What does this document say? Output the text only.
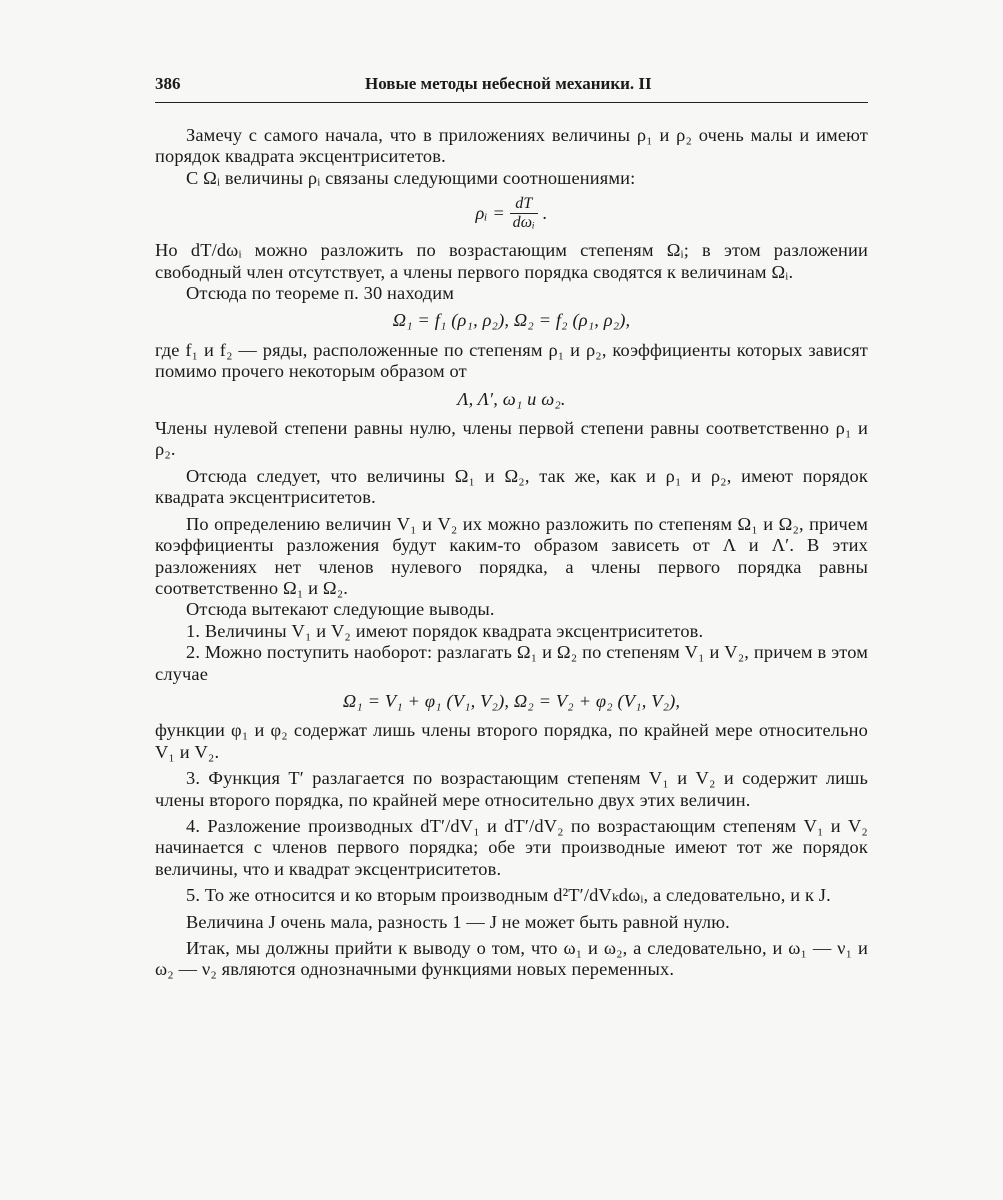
386	Новые методы небесной механики. II

Замечу с самого начала, что в приложениях величины ρ₁ и ρ₂ очень малы и имеют порядок квадрата эксцентриситетов.

С Ωᵢ величины ρᵢ связаны следующими соотношениями:

ρᵢ = $\frac{dT}{\text{dωᵢ}}$ .

Но dT/dωᵢ можно разложить по возрастающим степеням Ωᵢ; в этом разложении свободный член отсутствует, а члены первого порядка сводятся к величинам Ωᵢ.

Отсюда по теореме п. 30 находим

Ω₁ = f₁ (ρ₁, ρ₂), Ω₂ = f₂ (ρ₁, ρ₂),

где f₁ и f₂ — ряды, расположенные по степеням ρ₁ и ρ₂, коэффициенты которых зависят помимо прочего некоторым образом от

Λ, Λ′, ω₁ и ω₂.

Члены нулевой степени равны нулю, члены первой степени равны соответственно ρ₁ и ρ₂.

Отсюда следует, что величины Ω₁ и Ω₂, так же, как и ρ₁ и ρ₂, имеют порядок квадрата эксцентриситетов.

По определению величин V₁ и V₂ их можно разложить по степеням Ω₁ и Ω₂, причем коэффициенты разложения будут каким-то образом зависеть от Λ и Λ′. В этих разложениях нет членов нулевого порядка, а члены первого порядка равны соответственно Ω₁ и Ω₂.

Отсюда вытекают следующие выводы.

1. Величины V₁ и V₂ имеют порядок квадрата эксцентриситетов.

2. Можно поступить наоборот: разлагать Ω₁ и Ω₂ по степеням V₁ и V₂, причем в этом случае

Ω₁ = V₁ + φ₁ (V₁, V₂), Ω₂ = V₂ + φ₂ (V₁, V₂),

функции φ₁ и φ₂ содержат лишь члены второго порядка, по крайней мере относительно V₁ и V₂.

3. Функция T′ разлагается по возрастающим степеням V₁ и V₂ и содержит лишь члены второго порядка, по крайней мере относительно двух этих величин.

4. Разложение производных dT′/dV₁ и dT′/dV₂ по возрастающим степеням V₁ и V₂ начинается с членов первого порядка; обе эти производные имеют тот же порядок величины, что и квадрат эксцентриситетов.

5. То же относится и ко вторым производным d²T′/dVₖdωᵢ, а следовательно, и к J.

Величина J очень мала, разность 1 — J не может быть равной нулю.

Итак, мы должны прийти к выводу о том, что ω₁ и ω₂, а следовательно, и ω₁ — ν₁ и ω₂ — ν₂ являются однозначными функциями новых переменных.
